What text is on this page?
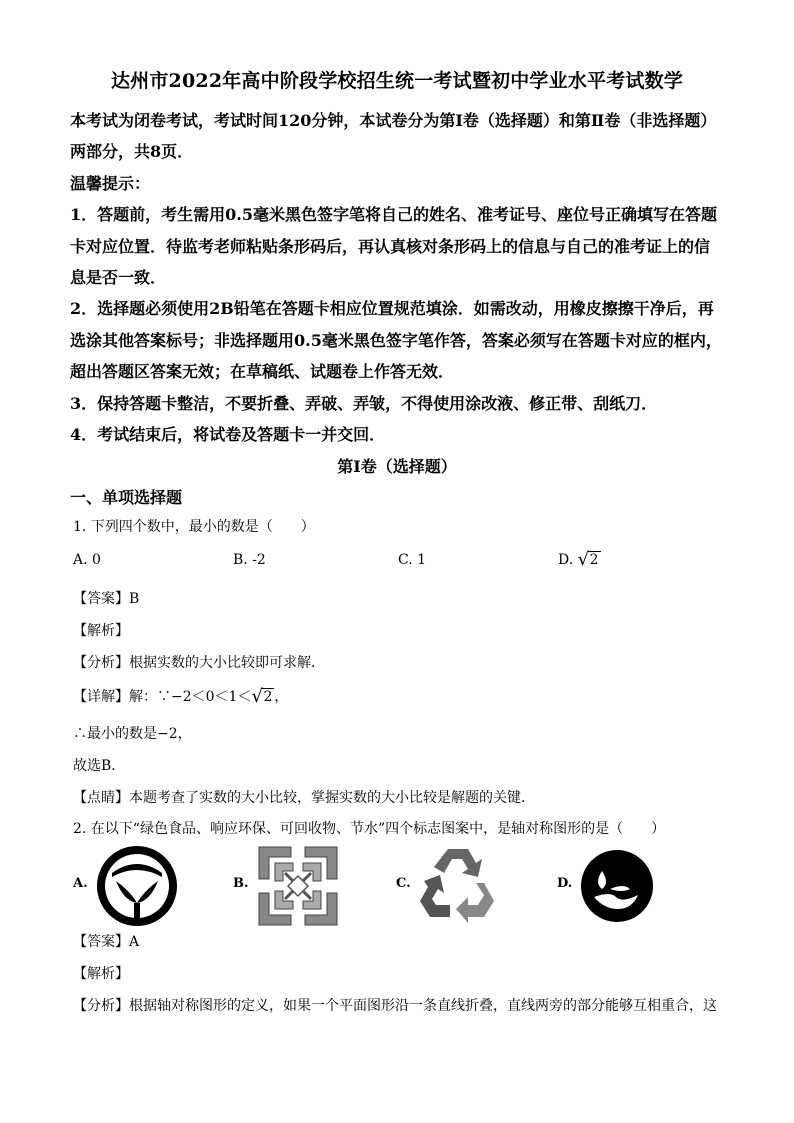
达州市2022年高中阶段学校招生统一考试暨初中学业水平考试数学
本考试为闭卷考试，考试时间120分钟，本试卷分为第Ⅰ卷（选择题）和第Ⅱ卷（非选择题）
两部分，共8页．
温馨提示：
1．答题前，考生需用0.5毫米黑色签字笔将自己的姓名、准考证号、座位号正确填写在答题
卡对应位置．待监考老师粘贴条形码后，再认真核对条形码上的信息与自己的准考证上的信
息是否一致．
2．选择题必须使用2B铅笔在答题卡相应位置规范填涂．如需改动，用橡皮擦擦干净后，再
选涂其他答案标号；非选择题用0.5毫米黑色签字笔作答，答案必须写在答题卡对应的框内，
超出答题区答案无效；在草稿纸、试题卷上作答无效．
3．保持答题卡整洁，不要折叠、弄破、弄皱，不得使用涂改液、修正带、刮纸刀．
4．考试结束后，将试卷及答题卡一并交回．
第Ⅰ卷（选择题）
一、单项选择题
1. 下列四个数中，最小的数是（　　）
A. 0	B. -2	C. 1	D. √ 2
【答案】B
【解析】
【分析】根据实数的大小比较即可求解．
【详解】解：∵−2＜0＜1＜ √ 2 ，
∴最小的数是−2，
故选B．
【点睛】本题考查了实数的大小比较，掌握实数的大小比较是解题的关键．
2. 在以下“绿色食品、响应环保、可回收物、节水”四个标志图案中，是轴对称图形的是（　　）
A.	B.	C.	D.
【答案】A
【解析】
【分析】根据轴对称图形的定义，如果一个平面图形沿一条直线折叠，直线两旁的部分能够互相重合，这
